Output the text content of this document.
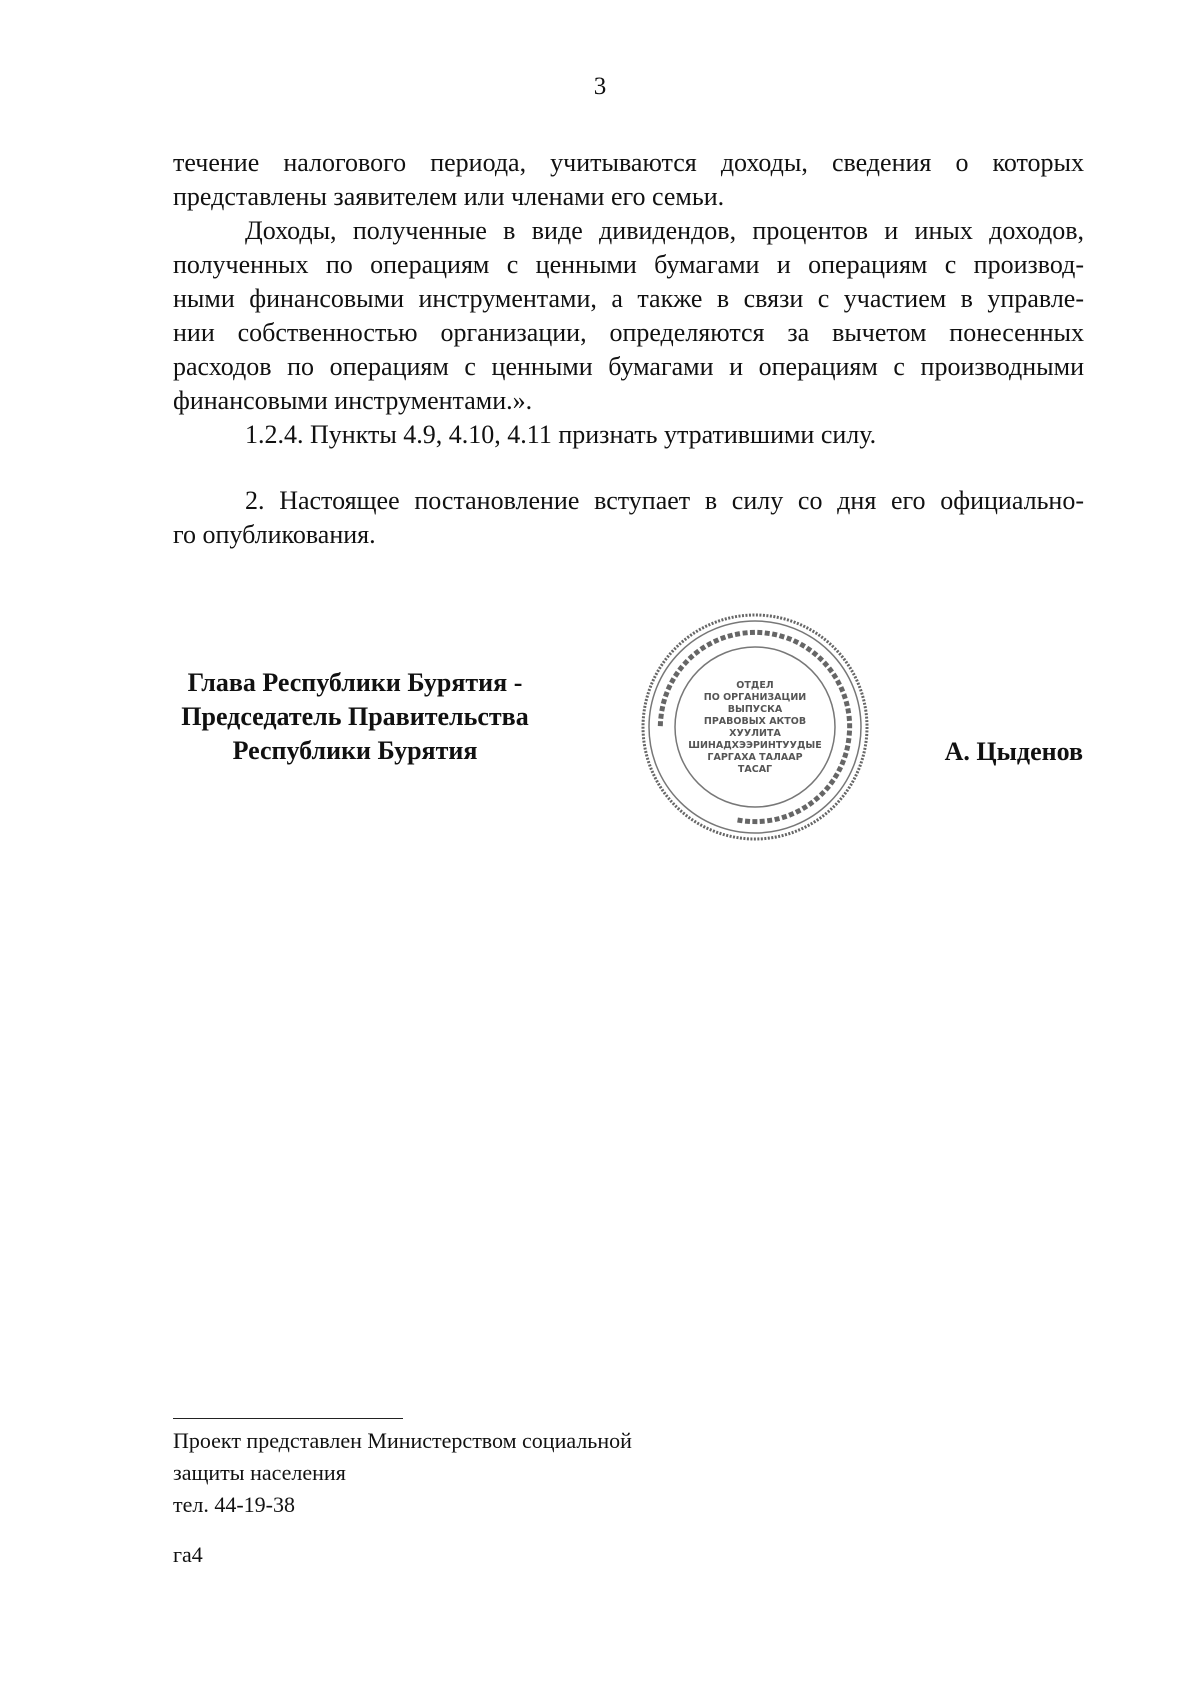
3

течение налогового периода, учитываются доходы, сведения о которых
представлены заявителем или членами его семьи.

Доходы, полученные в виде дивидендов, процентов и иных доходов,
полученных по операциям с ценными бумагами и операциям с производ-
ными финансовыми инструментами, а также в связи с участием в управле-
нии собственностью организации, определяются за вычетом понесенных
расходов по операциям с ценными бумагами и операциям с производными
финансовыми инструментами.».

1.2.4. Пункты 4.9, 4.10, 4.11 признать утратившими силу.

2. Настоящее постановление вступает в силу со дня его официально-
го опубликования.

Глава Республики Бурятия -
Председатель Правительства
Республики Бурятия
▪▪▪▪▪▪▪▪▪▪▪▪▪▪▪▪▪▪▪▪▪▪▪▪▪▪▪▪▪▪▪▪▪▪▪▪▪▪▪▪▪▪▪▪▪▪▪▪▪▪▪▪▪▪▪▪▪▪▪▪▪▪
ОТДЕЛ
ПО ОРГАНИЗАЦИИ
ВЫПУСКА
ПРАВОВЫХ АКТОВ
ХУУЛИТА
ШИНАДХЭЭРИНТУУДЫЕ
ГАРГАХА ТАЛААР
ТАСАГ
А. Цыденов
Проект представлен Министерством социальной
защиты населения
тел. 44-19-38
га4
